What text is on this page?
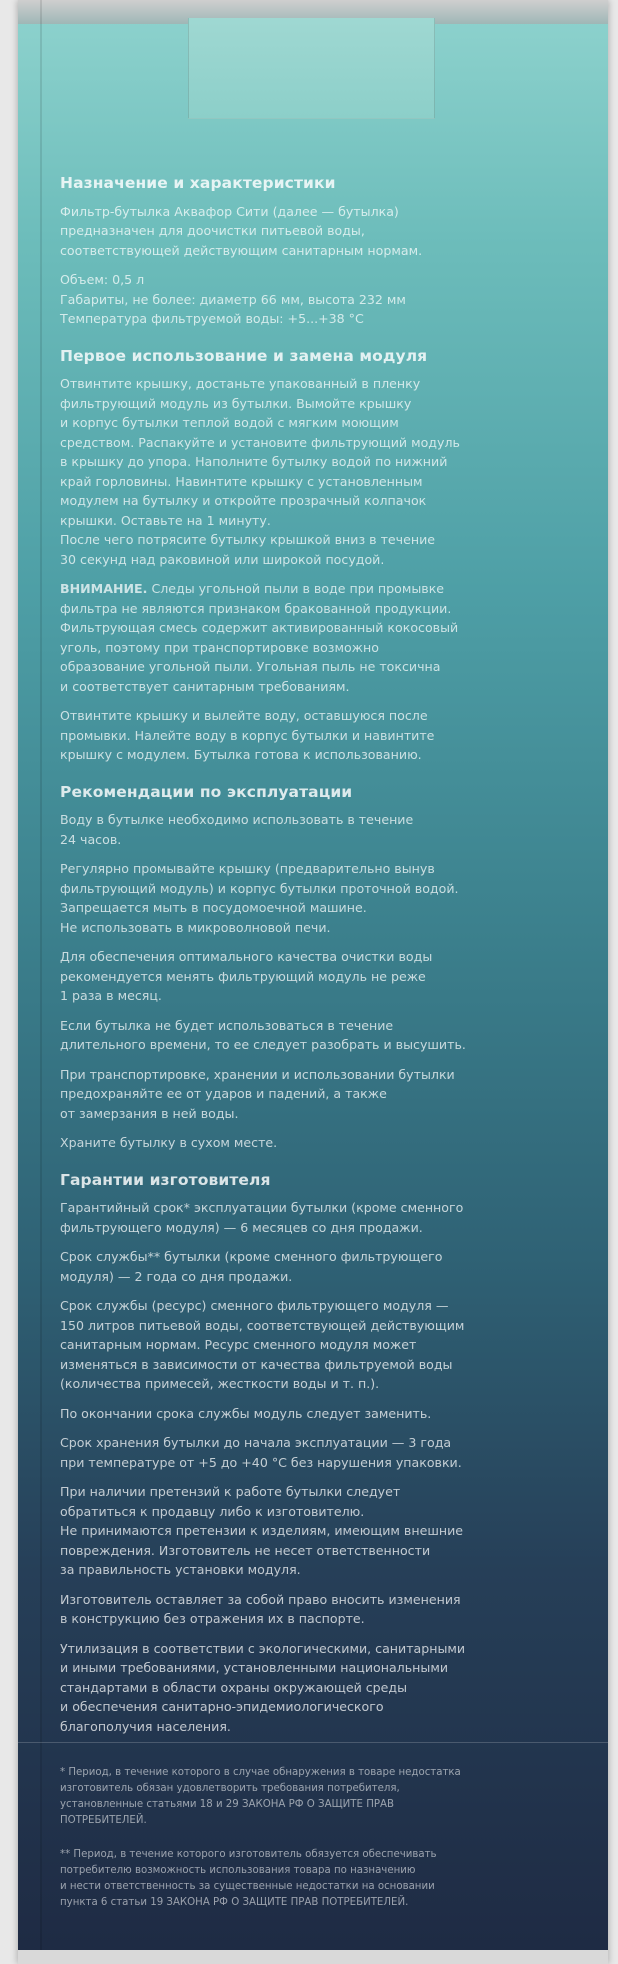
Назначение и характеристики

Фильтр-бутылка Аквафор Сити (далее — бутылка)
предназначен для доочистки питьевой воды,
соответствующей действующим санитарным нормам.

Объем: 0,5 л
Габариты, не более: диаметр 66 мм, высота 232 мм
Температура фильтруемой воды: +5...+38 °С

Первое использование и замена модуля

Отвинтите крышку, достаньте упакованный в пленку
фильтрующий модуль из бутылки. Вымойте крышку
и корпус бутылки теплой водой с мягким моющим
средством. Распакуйте и установите фильтрующий модуль
в крышку до упора. Наполните бутылку водой по нижний
край горловины. Навинтите крышку с установленным
модулем на бутылку и откройте прозрачный колпачок
крышки. Оставьте на 1 минуту.
После чего потрясите бутылку крышкой вниз в течение
30 секунд над раковиной или широкой посудой.

ВНИМАНИЕ. Следы угольной пыли в воде при промывке
фильтра не являются признаком бракованной продукции.
Фильтрующая смесь содержит активированный кокосовый
уголь, поэтому при транспортировке возможно
образование угольной пыли. Угольная пыль не токсична
и соответствует санитарным требованиям.

Отвинтите крышку и вылейте воду, оставшуюся после
промывки. Налейте воду в корпус бутылки и навинтите
крышку с модулем. Бутылка готова к использованию.

Рекомендации по эксплуатации

Воду в бутылке необходимо использовать в течение
24 часов.

Регулярно промывайте крышку (предварительно вынув
фильтрующий модуль) и корпус бутылки проточной водой.
Запрещается мыть в посудомоечной машине.
Не использовать в микроволновой печи.

Для обеспечения оптимального качества очистки воды
рекомендуется менять фильтрующий модуль не реже
1 раза в месяц.

Если бутылка не будет использоваться в течение
длительного времени, то ее следует разобрать и высушить.

При транспортировке, хранении и использовании бутылки
предохраняйте ее от ударов и падений, а также
от замерзания в ней воды.

Храните бутылку в сухом месте.

Гарантии изготовителя

Гарантийный срок* эксплуатации бутылки (кроме сменного
фильтрующего модуля) — 6 месяцев со дня продажи.

Срок службы** бутылки (кроме сменного фильтрующего
модуля) — 2 года со дня продажи.

Срок службы (ресурс) сменного фильтрующего модуля —
150 литров питьевой воды, соответствующей действующим
санитарным нормам. Ресурс сменного модуля может
изменяться в зависимости от качества фильтруемой воды
(количества примесей, жесткости воды и т. п.).

По окончании срока службы модуль следует заменить.

Срок хранения бутылки до начала эксплуатации — 3 года
при температуре от +5 до +40 °С без нарушения упаковки.

При наличии претензий к работе бутылки следует
обратиться к продавцу либо к изготовителю.
Не принимаются претензии к изделиям, имеющим внешние
повреждения. Изготовитель не несет ответственности
за правильность установки модуля.

Изготовитель оставляет за собой право вносить изменения
в конструкцию без отражения их в паспорте.

Утилизация в соответствии с экологическими, санитарными
и иными требованиями, установленными национальными
стандартами в области охраны окружающей среды
и обеспечения санитарно-эпидемиологического
благополучия населения.

* Период, в течение которого в случае обнаружения в товаре недостатка
изготовитель обязан удовлетворить требования потребителя,
установленные статьями 18 и 29 ЗАКОНА РФ О ЗАЩИТЕ ПРАВ
ПОТРЕБИТЕЛЕЙ.

** Период, в течение которого изготовитель обязуется обеспечивать
потребителю возможность использования товара по назначению
и нести ответственность за существенные недостатки на основании
пункта 6 статьи 19 ЗАКОНА РФ О ЗАЩИТЕ ПРАВ ПОТРЕБИТЕЛЕЙ.
